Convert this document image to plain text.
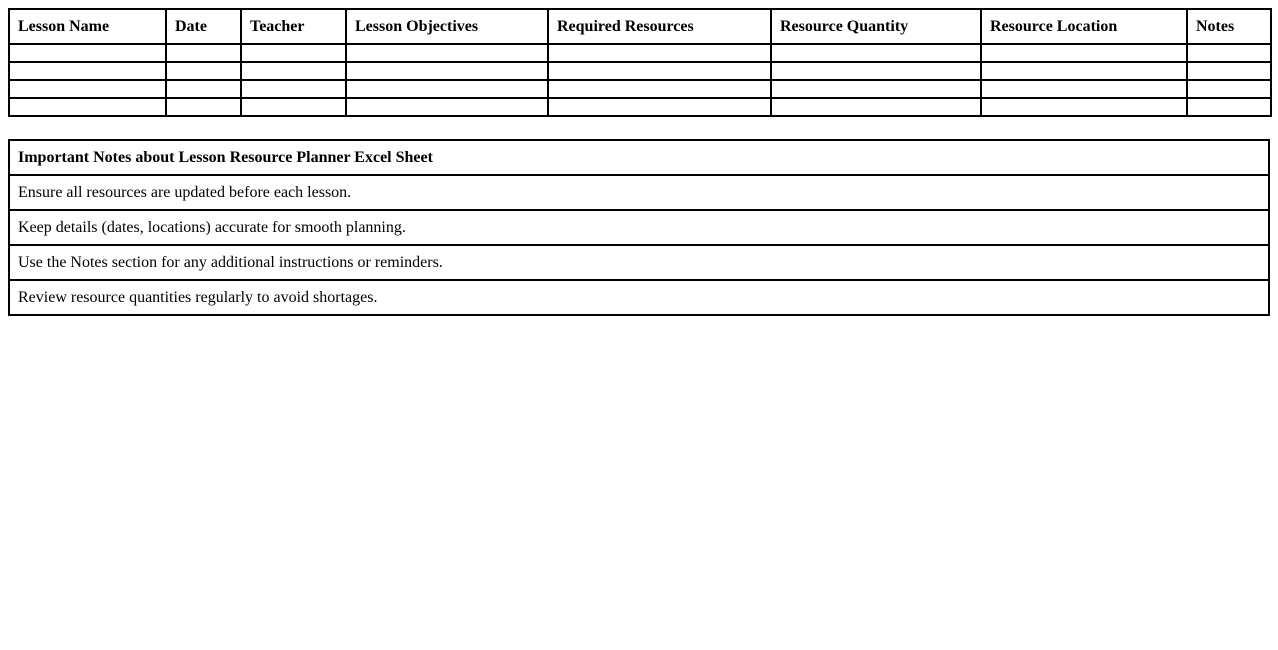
Lesson Name	Date	Teacher	Lesson Objectives	Required Resources	Resource Quantity	Resource Location	Notes

Important Notes about Lesson Resource Planner Excel Sheet
Ensure all resources are updated before each lesson.
Keep details (dates, locations) accurate for smooth planning.
Use the Notes section for any additional instructions or reminders.
Review resource quantities regularly to avoid shortages.
